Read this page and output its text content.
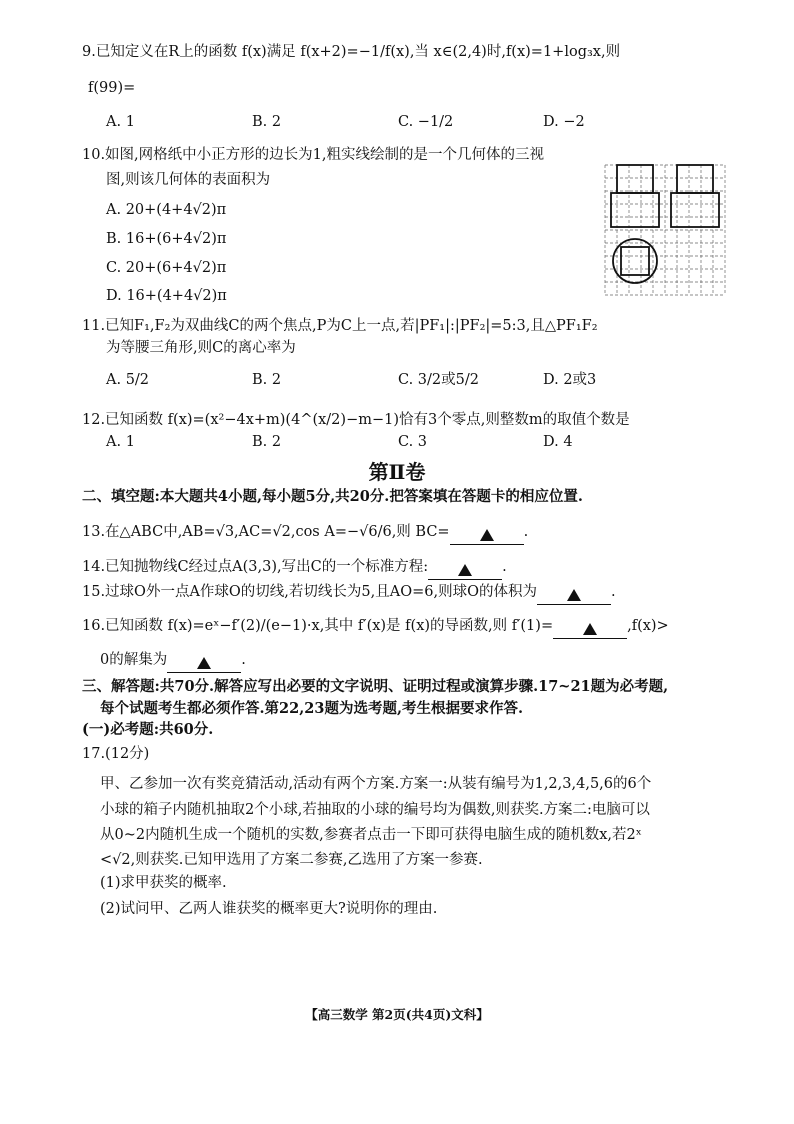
9.已知定义在R上的函数 f(x)满足 f(x+2)=−1/f(x),当 x∈(2,4)时,f(x)=1+log₃x,则
f(99)=
A. 1	B. 2	C. −1/2	D. −2
10.如图,网格纸中小正方形的边长为1,粗实线绘制的是一个几何体的三视
图,则该几何体的表面积为
A. 20+(4+4√2)π
B. 16+(6+4√2)π
C. 20+(6+4√2)π
D. 16+(4+4√2)π
11.已知F₁,F₂为双曲线C的两个焦点,P为C上一点,若|PF₁|:|PF₂|=5:3,且△PF₁F₂
为等腰三角形,则C的离心率为
A. 5/2	B. 2	C. 3/2或5/2	D. 2或3
12.已知函数 f(x)=(x²−4x+m)(4^(x/2)−m−1)恰有3个零点,则整数m的取值个数是
A. 1	B. 2	C. 3	D. 4
第Ⅱ卷
二、填空题:本大题共4小题,每小题5分,共20分.把答案填在答题卡的相应位置.
13.在△ABC中,AB=√3,AC=√2,cos A=−√6/6,则 BC=	.
14.已知抛物线C经过点A(3,3),写出C的一个标准方程:	.
15.过球O外一点A作球O的切线,若切线长为5,且AO=6,则球O的体积为	.
16.已知函数 f(x)=eˣ−f′(2)/(e−1)·x,其中 f′(x)是 f(x)的导函数,则 f′(1)=	,f(x)>
0的解集为	.
三、解答题:共70分.解答应写出必要的文字说明、证明过程或演算步骤.17~21题为必考题,
每个试题考生都必须作答.第22,23题为选考题,考生根据要求作答.
(一)必考题:共60分.
17.(12分)
甲、乙参加一次有奖竞猜活动,活动有两个方案.方案一:从装有编号为1,2,3,4,5,6的6个
小球的箱子内随机抽取2个小球,若抽取的小球的编号均为偶数,则获奖.方案二:电脑可以
从0~2内随机生成一个随机的实数,参赛者点击一下即可获得电脑生成的随机数x,若2ˣ
<√2,则获奖.已知甲选用了方案二参赛,乙选用了方案一参赛.
(1)求甲获奖的概率.
(2)试问甲、乙两人谁获奖的概率更大?说明你的理由.
【高三数学 第2页(共4页)文科】
